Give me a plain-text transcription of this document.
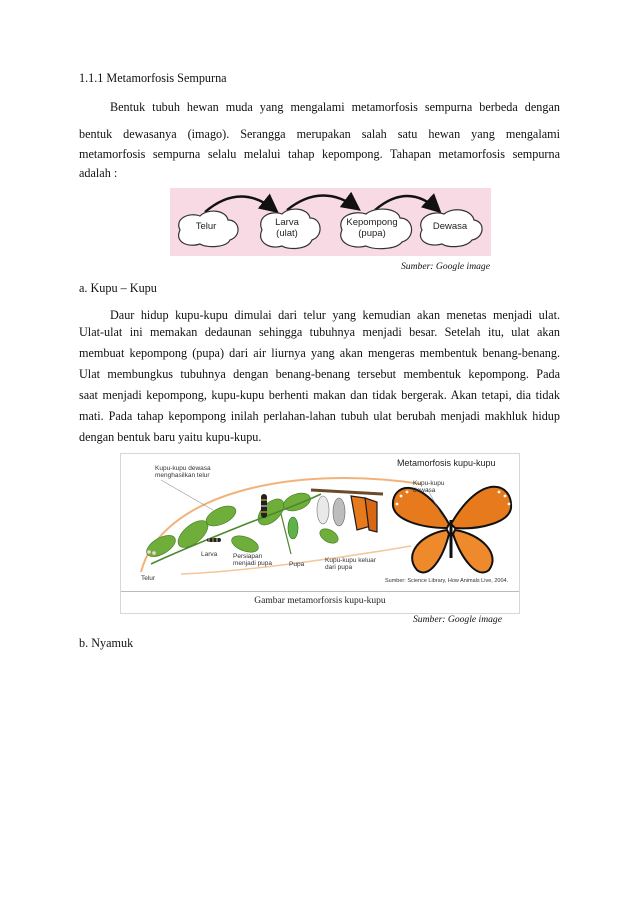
1.1.1 Metamorfosis Sempurna
Bentuk tubuh hewan muda yang mengalami metamorfosis sempurna berbeda dengan
bentuk dewasanya (imago). Serangga merupakan salah satu hewan yang mengalami
metamorfosis sempurna selalu melalui tahap kepompong. Tahapan metamorfosis sempurna
adalah :
Telur	Larva
(ulat)
Kepompong
(pupa)
Dewasa
Sumber: Google image
a. Kupu – Kupu
Daur hidup kupu-kupu dimulai dari telur yang kemudian akan menetas menjadi ulat.
Ulat-ulat ini memakan dedaunan sehingga tubuhnya menjadi besar. Setelah itu, ulat akan
membuat kepompong (pupa) dari air liurnya yang akan mengeras membentuk benang-benang.
Ulat membungkus tubuhnya dengan benang-benang tersebut membentuk kepompong. Pada
saat menjadi kepompong, kupu-kupu berhenti makan dan tidak bergerak. Akan tetapi, dia tidak
mati. Pada tahap kepompong inilah perlahan-lahan tubuh ulat berubah menjadi makhluk hidup
dengan bentuk baru yaitu kupu-kupu.
Metamorfosis kupu-kupu
Kupu-kupu dewasa
menghasilkan telur
Kupu-kupu
dewasa
Telur
Larva Persiapan
menjadi pupa	Pupa
Kupu-kupu keluar
dari pupa
Sumber: Science Library, How Animals Live, 2004.
Gambar metamorforsis kupu-kupu
Sumber: Google image
b. Nyamuk
